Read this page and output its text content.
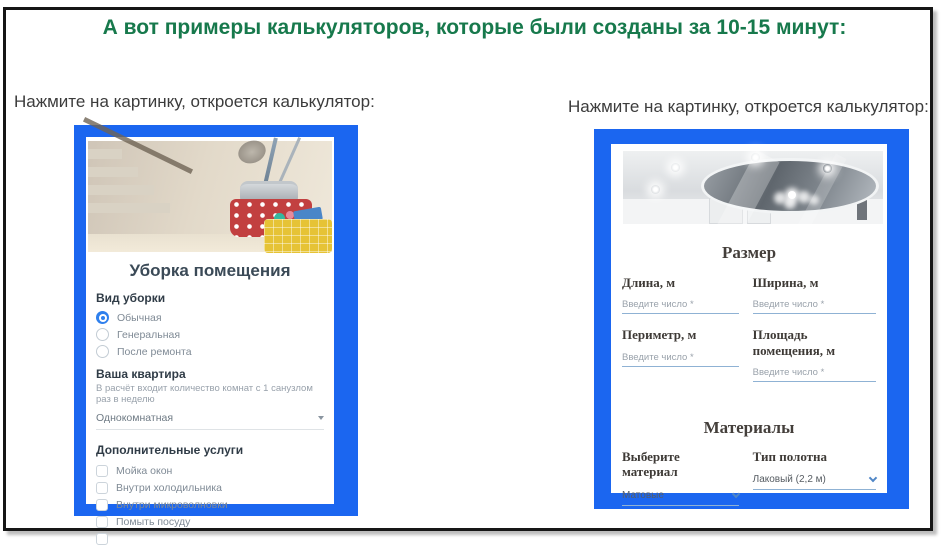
А вот примеры калькуляторов, которые были созданы за 10-15 минут:
Нажмите на картинку, откроется калькулятор:	Нажмите на картинку, откроется калькулятор:
Уборка помещения
Вид уборки
Обычная
Генеральная
После ремонта
Ваша квартира
В расчёт входит количество комнат с 1 санузлом раз в неделю
Однокомнатная
Дополнительные услуги
Мойка окон
Внутри холодильника
Внутри микроволновки
Помыть посуду
Размер
Длина, м
Введите число *
Периметр, м
Введите число *
Ширина, м
Введите число *
Площадь помещения, м
Введите число *
Материалы
Выберите материал
Матовые
Тип полотна
Лаковый (2,2 м)
